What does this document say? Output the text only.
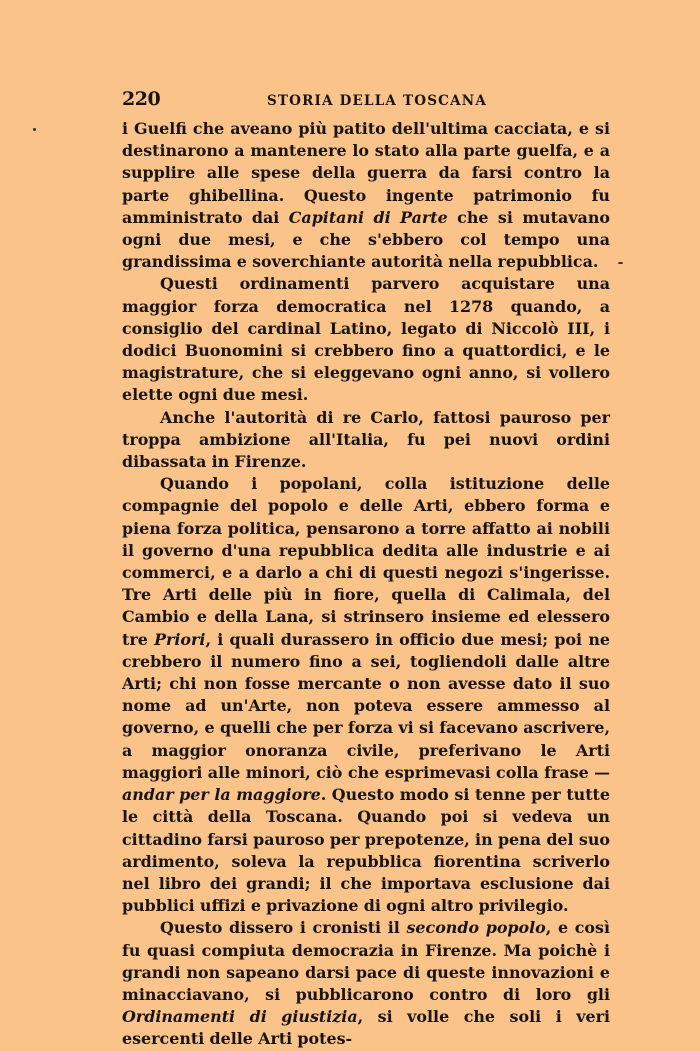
220	STORIA DELLA TOSCANA

i Guelfi che aveano più patito dell'ultima cacciata, e si destinarono a mantenere lo stato alla parte guelfa, e a supplire alle spese della guerra da farsi contro la parte ghibellina. Questo ingente patrimonio fu amministrato dai Capitani di Parte che si mutavano ogni due mesi, e che s'ebbero col tempo una grandissima e soverchiante autorità nella repubblica.

Questi ordinamenti parvero acquistare una maggior forza democratica nel 1278 quando, a consiglio del cardinal Latino, legato di Niccolò III, i dodici Buonomini si crebbero fino a quattordici, e le magistrature, che si eleggevano ogni anno, si vollero elette ogni due mesi.

Anche l'autorità di re Carlo, fattosi pauroso per troppa ambizione all'Italia, fu pei nuovi ordini dibassata in Firenze.

Quando i popolani, colla istituzione delle compagnie del popolo e delle Arti, ebbero forma e piena forza politica, pensarono a torre affatto ai nobili il governo d'una repubblica dedita alle industrie e ai commerci, e a darlo a chi di questi negozi s'ingerisse. Tre Arti delle più in fiore, quella di Calimala, del Cambio e della Lana, si strinsero insieme ed elessero tre Priori, i quali durassero in officio due mesi; poi ne crebbero il numero fino a sei, togliendoli dalle altre Arti; chi non fosse mercante o non avesse dato il suo nome ad un'Arte, non poteva essere ammesso al governo, e quelli che per forza vi si facevano ascrivere, a maggior onoranza civile, preferivano le Arti maggiori alle minori, ciò che esprimevasi colla frase — andar per la maggiore. Questo modo si tenne per tutte le città della Toscana. Quando poi si vedeva un cittadino farsi pauroso per prepotenze, in pena del suo ardimento, soleva la repubblica fiorentina scriverlo nel libro dei grandi; il che importava esclusione dai pubblici uffizi e privazione di ogni altro privilegio.

Questo dissero i cronisti il secondo popolo, e così fu quasi compiuta democrazia in Firenze. Ma poichè i grandi non sapeano darsi pace di queste innovazioni e minacciavano, si pubblicarono contro di loro gli Ordinamenti di giustizia, si volle che soli i veri esercenti delle Arti potes-
